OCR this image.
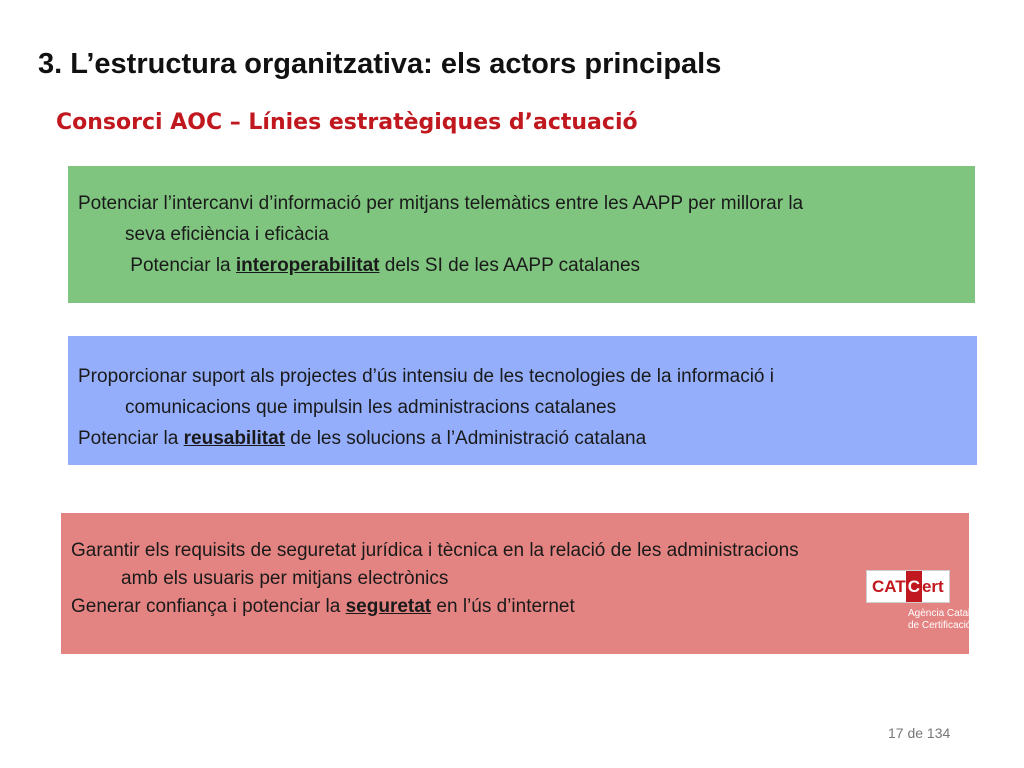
3. L’estructura organitzativa: els actors principals
Consorci AOC – Línies estratègiques d’actuació

Potenciar l’intercanvi d’informació per mitjans telemàtics entre les AAPP per millorar la

seva eficiència i eficàcia

Potenciar la interoperabilitat dels SI de les AAPP catalanes

Proporcionar suport als projectes d’ús intensiu de les tecnologies de la informació i

comunicacions que impulsin les administracions catalanes

Potenciar la reusabilitat de les solucions a l’Administració catalana

Garantir els requisits de seguretat jurídica i tècnica en la relació de les administracions

amb els usuaris per mitjans electrònics

Generar confiança i potenciar la seguretat en l’ús d’internet

CAT C ert
Agència Catalana
de Certificació
17 de 134
